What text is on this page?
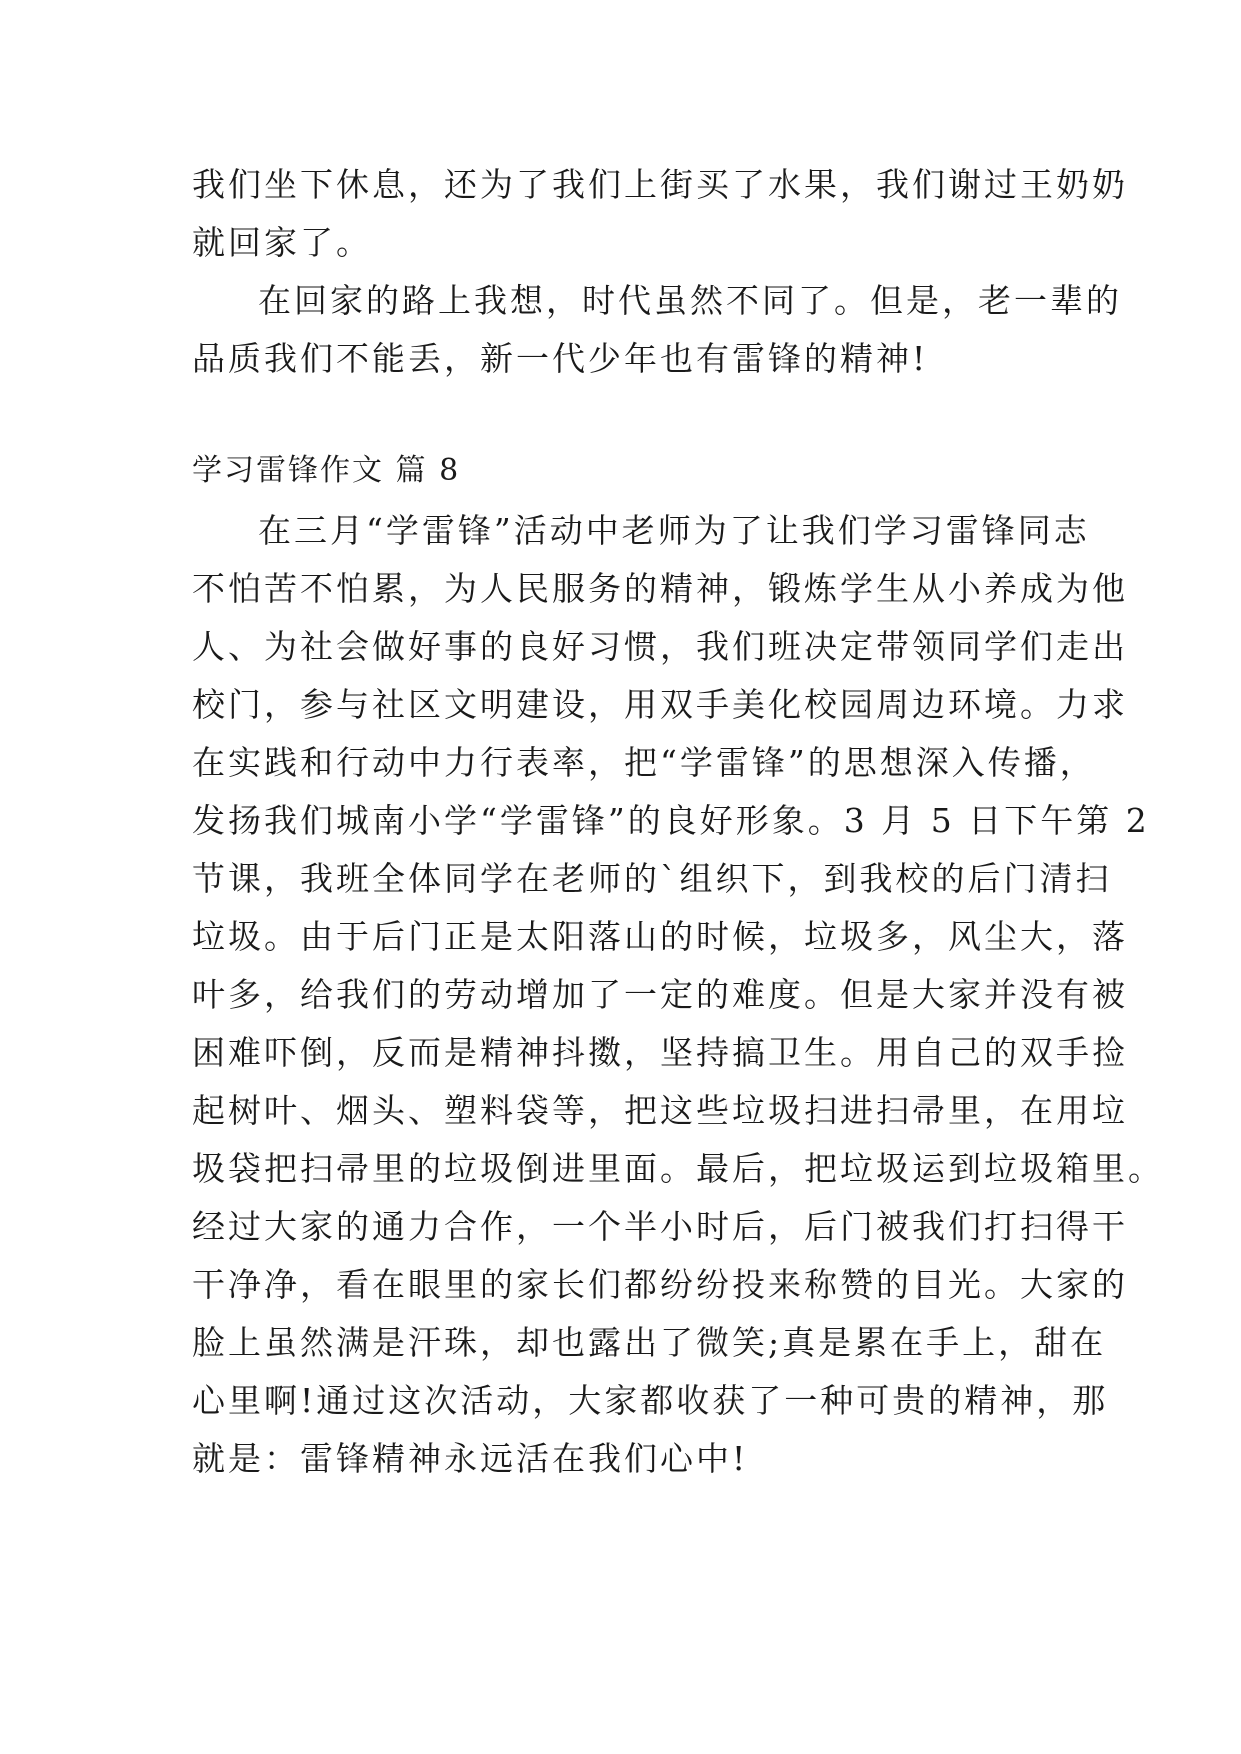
我们坐下休息，还为了我们上街买了水果，我们谢过王奶奶
就回家了。
在回家的路上我想，时代虽然不同了。但是，老一辈的
品质我们不能丢，新一代少年也有雷锋的精神!
学习雷锋作文 篇 8
在三月“学雷锋”活动中老师为了让我们学习雷锋同志
不怕苦不怕累，为人民服务的精神，锻炼学生从小养成为他
人、为社会做好事的良好习惯，我们班决定带领同学们走出
校门，参与社区文明建设，用双手美化校园周边环境。力求
在实践和行动中力行表率，把“学雷锋”的思想深入传播，
发扬我们城南小学“学雷锋”的良好形象。3 月 5 日下午第 2
节课，我班全体同学在老师的`组织下，到我校的后门清扫
垃圾。由于后门正是太阳落山的时候，垃圾多，风尘大，落
叶多，给我们的劳动增加了一定的难度。但是大家并没有被
困难吓倒，反而是精神抖擞，坚持搞卫生。用自己的双手捡
起树叶、烟头、塑料袋等，把这些垃圾扫进扫帚里，在用垃
圾袋把扫帚里的垃圾倒进里面。最后，把垃圾运到垃圾箱里。
经过大家的通力合作，一个半小时后，后门被我们打扫得干
干净净，看在眼里的家长们都纷纷投来称赞的目光。大家的
脸上虽然满是汗珠，却也露出了微笑;真是累在手上，甜在
心里啊!通过这次活动，大家都收获了一种可贵的精神，那
就是：雷锋精神永远活在我们心中!
